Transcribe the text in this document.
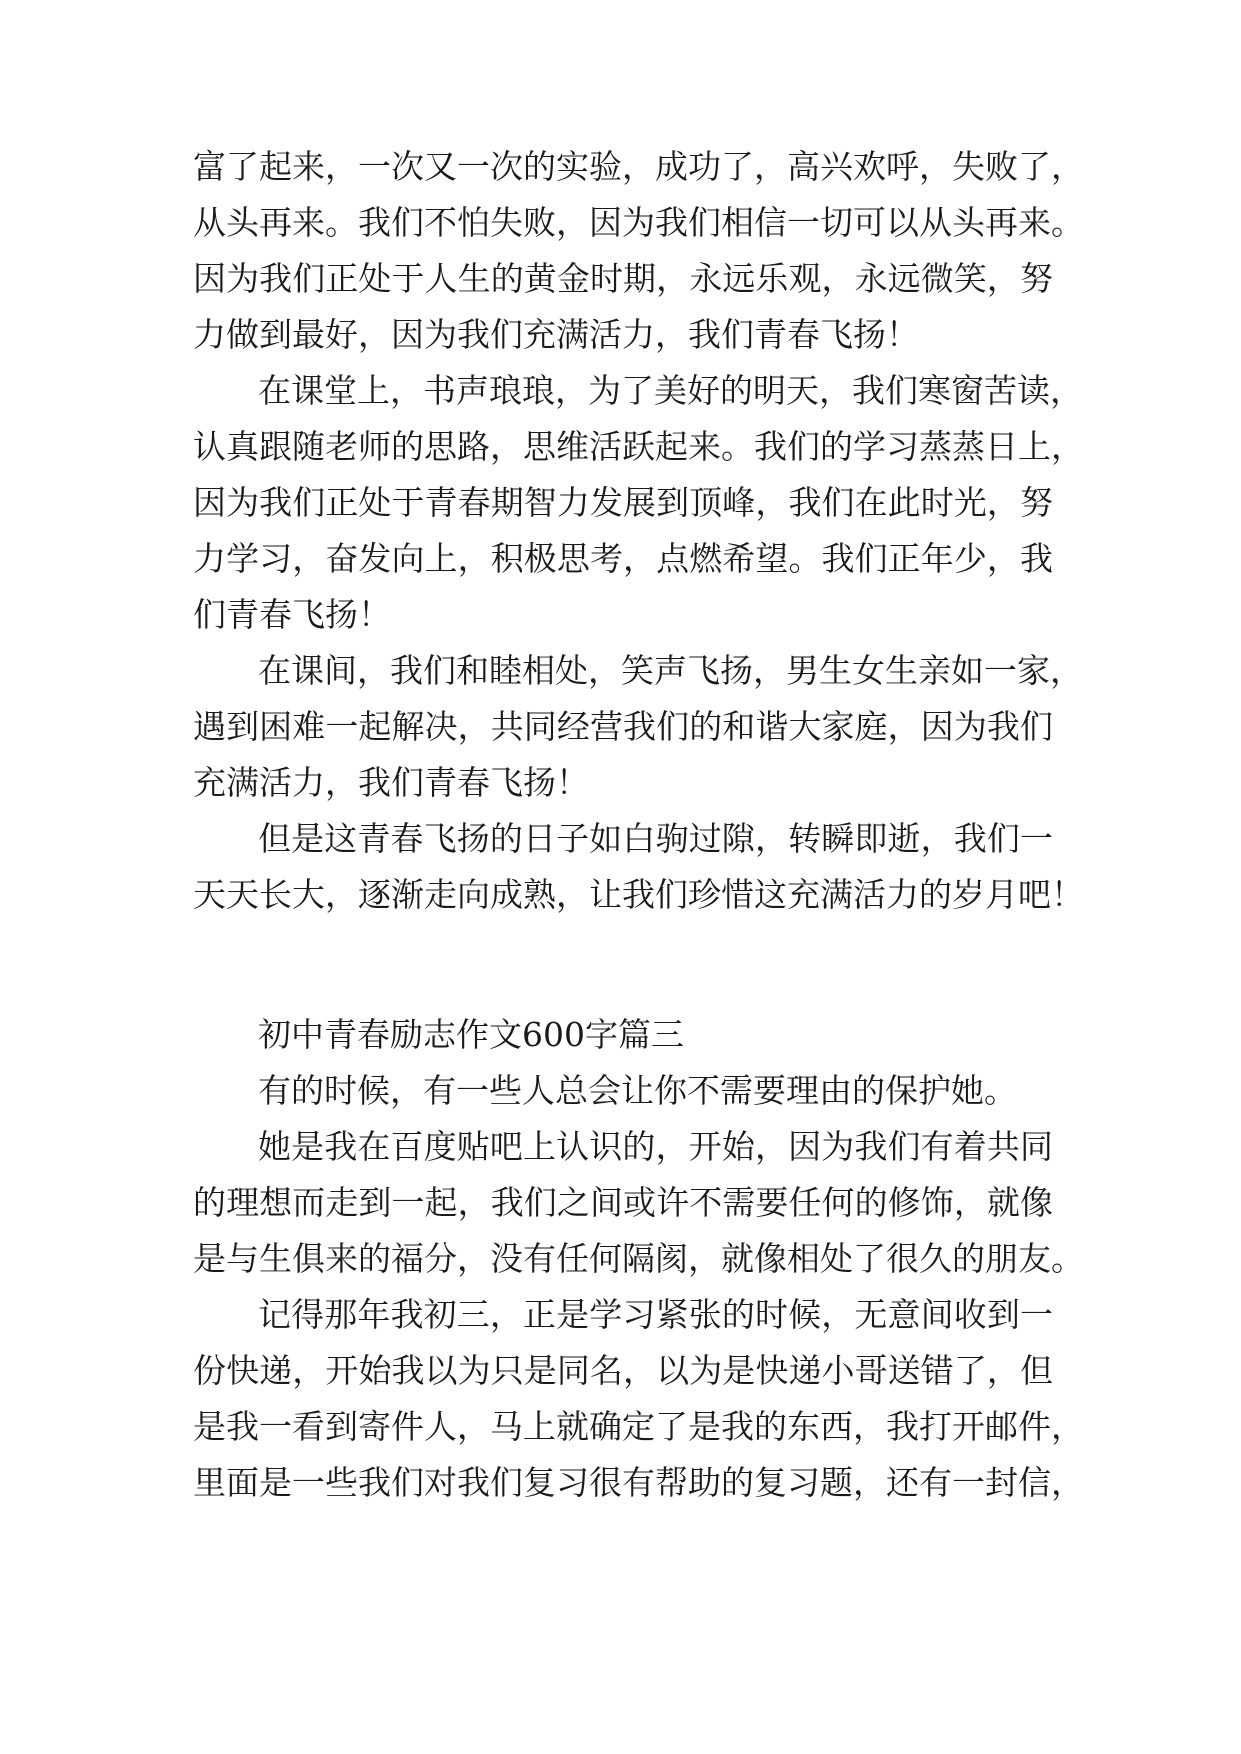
富了起来，一次又一次的实验，成功了，高兴欢呼，失败了，
从头再来。我们不怕失败，因为我们相信一切可以从头再来。
因为我们正处于人生的黄金时期，永远乐观，永远微笑，努
力做到最好，因为我们充满活力，我们青春飞扬！
在课堂上，书声琅琅，为了美好的明天，我们寒窗苦读，
认真跟随老师的思路，思维活跃起来。我们的学习蒸蒸日上，
因为我们正处于青春期智力发展到顶峰，我们在此时光，努
力学习，奋发向上，积极思考，点燃希望。我们正年少，我
们青春飞扬！
在课间，我们和睦相处，笑声飞扬，男生女生亲如一家，
遇到困难一起解决，共同经营我们的和谐大家庭，因为我们
充满活力，我们青春飞扬！
但是这青春飞扬的日子如白驹过隙，转瞬即逝，我们一
天天长大，逐渐走向成熟，让我们珍惜这充满活力的岁月吧！
初中青春励志作文600字篇三
有的时候，有一些人总会让你不需要理由的保护她。
她是我在百度贴吧上认识的，开始，因为我们有着共同
的理想而走到一起，我们之间或许不需要任何的修饰，就像
是与生俱来的福分，没有任何隔阂，就像相处了很久的朋友。
记得那年我初三，正是学习紧张的时候，无意间收到一
份快递，开始我以为只是同名，以为是快递小哥送错了，但
是我一看到寄件人，马上就确定了是我的东西，我打开邮件，
里面是一些我们对我们复习很有帮助的复习题，还有一封信，
